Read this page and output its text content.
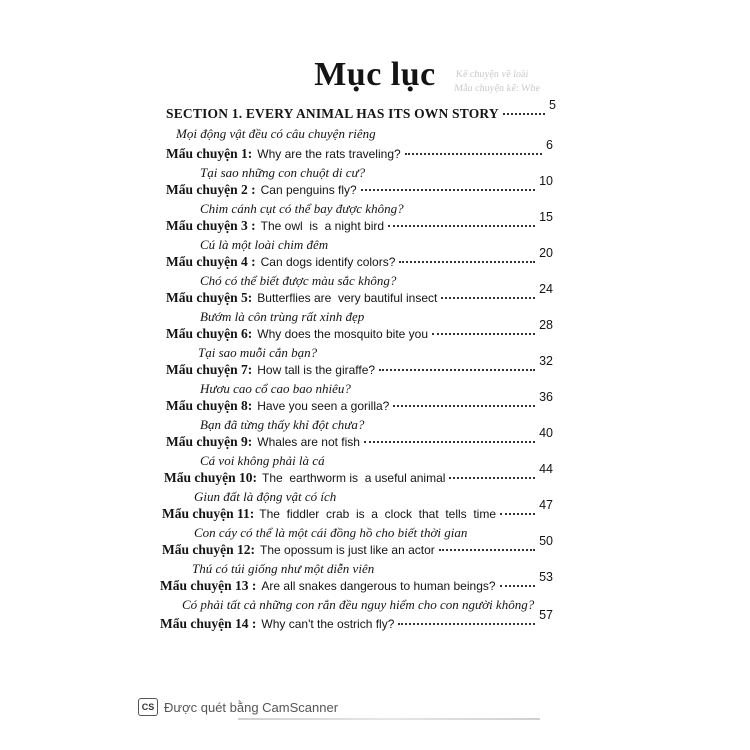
Mục lục	Kể chuyện về loài
Mẫu chuyện kể: Whe
SECTION 1. EVERY ANIMAL HAS ITS OWN STORY
5
Mọi động vật đều có câu chuyện riêng
Mẩu chuyện 1: Why are the rats traveling?
6
Tại sao những con chuột di cư?
Mẩu chuyện 2 : Can penguins fly?
10
Chim cánh cụt có thể bay được không?
Mẩu chuyện 3 : The owl  is  a night bird
15
Cú là một loài chim đêm
Mẩu chuyện 4 : Can dogs identify colors?
20
Chó có thể biết được màu sắc không?
Mẩu chuyện 5: Butterflies are  very bautiful insect
24
Bướm là côn trùng rất xinh đẹp
Mẩu chuyện 6: Why does the mosquito bite you
28
Tại sao muỗi cắn bạn?
Mẩu chuyện 7: How tall is the giraffe?
32
Hươu cao cổ cao bao nhiêu?
Mẩu chuyện 8: Have you seen a gorilla?
36
Bạn đã từng thấy khỉ đột chưa?
Mẩu chuyện 9: Whales are not fish
40
Cá voi không phải là cá
Mẩu chuyện 10: The  earthworm is  a useful animal
44
Giun đất là động vật có ích
Mẩu chuyện 11: The  fiddler  crab  is  a  clock  that  tells  time
47
Con cáy có thể là một cái đồng hồ cho biết thời gian
Mẩu chuyện 12: The opossum is just like an actor
50
Thú có túi giống như một diễn viên
Mẩu chuyện 13 : Are all snakes dangerous to human beings?
53
Có phải tất cả những con rắn đều nguy hiểm cho con người không?
Mẩu chuyện 14 : Why can't the ostrich fly?
57
CS Được quét bằng CamScanner
